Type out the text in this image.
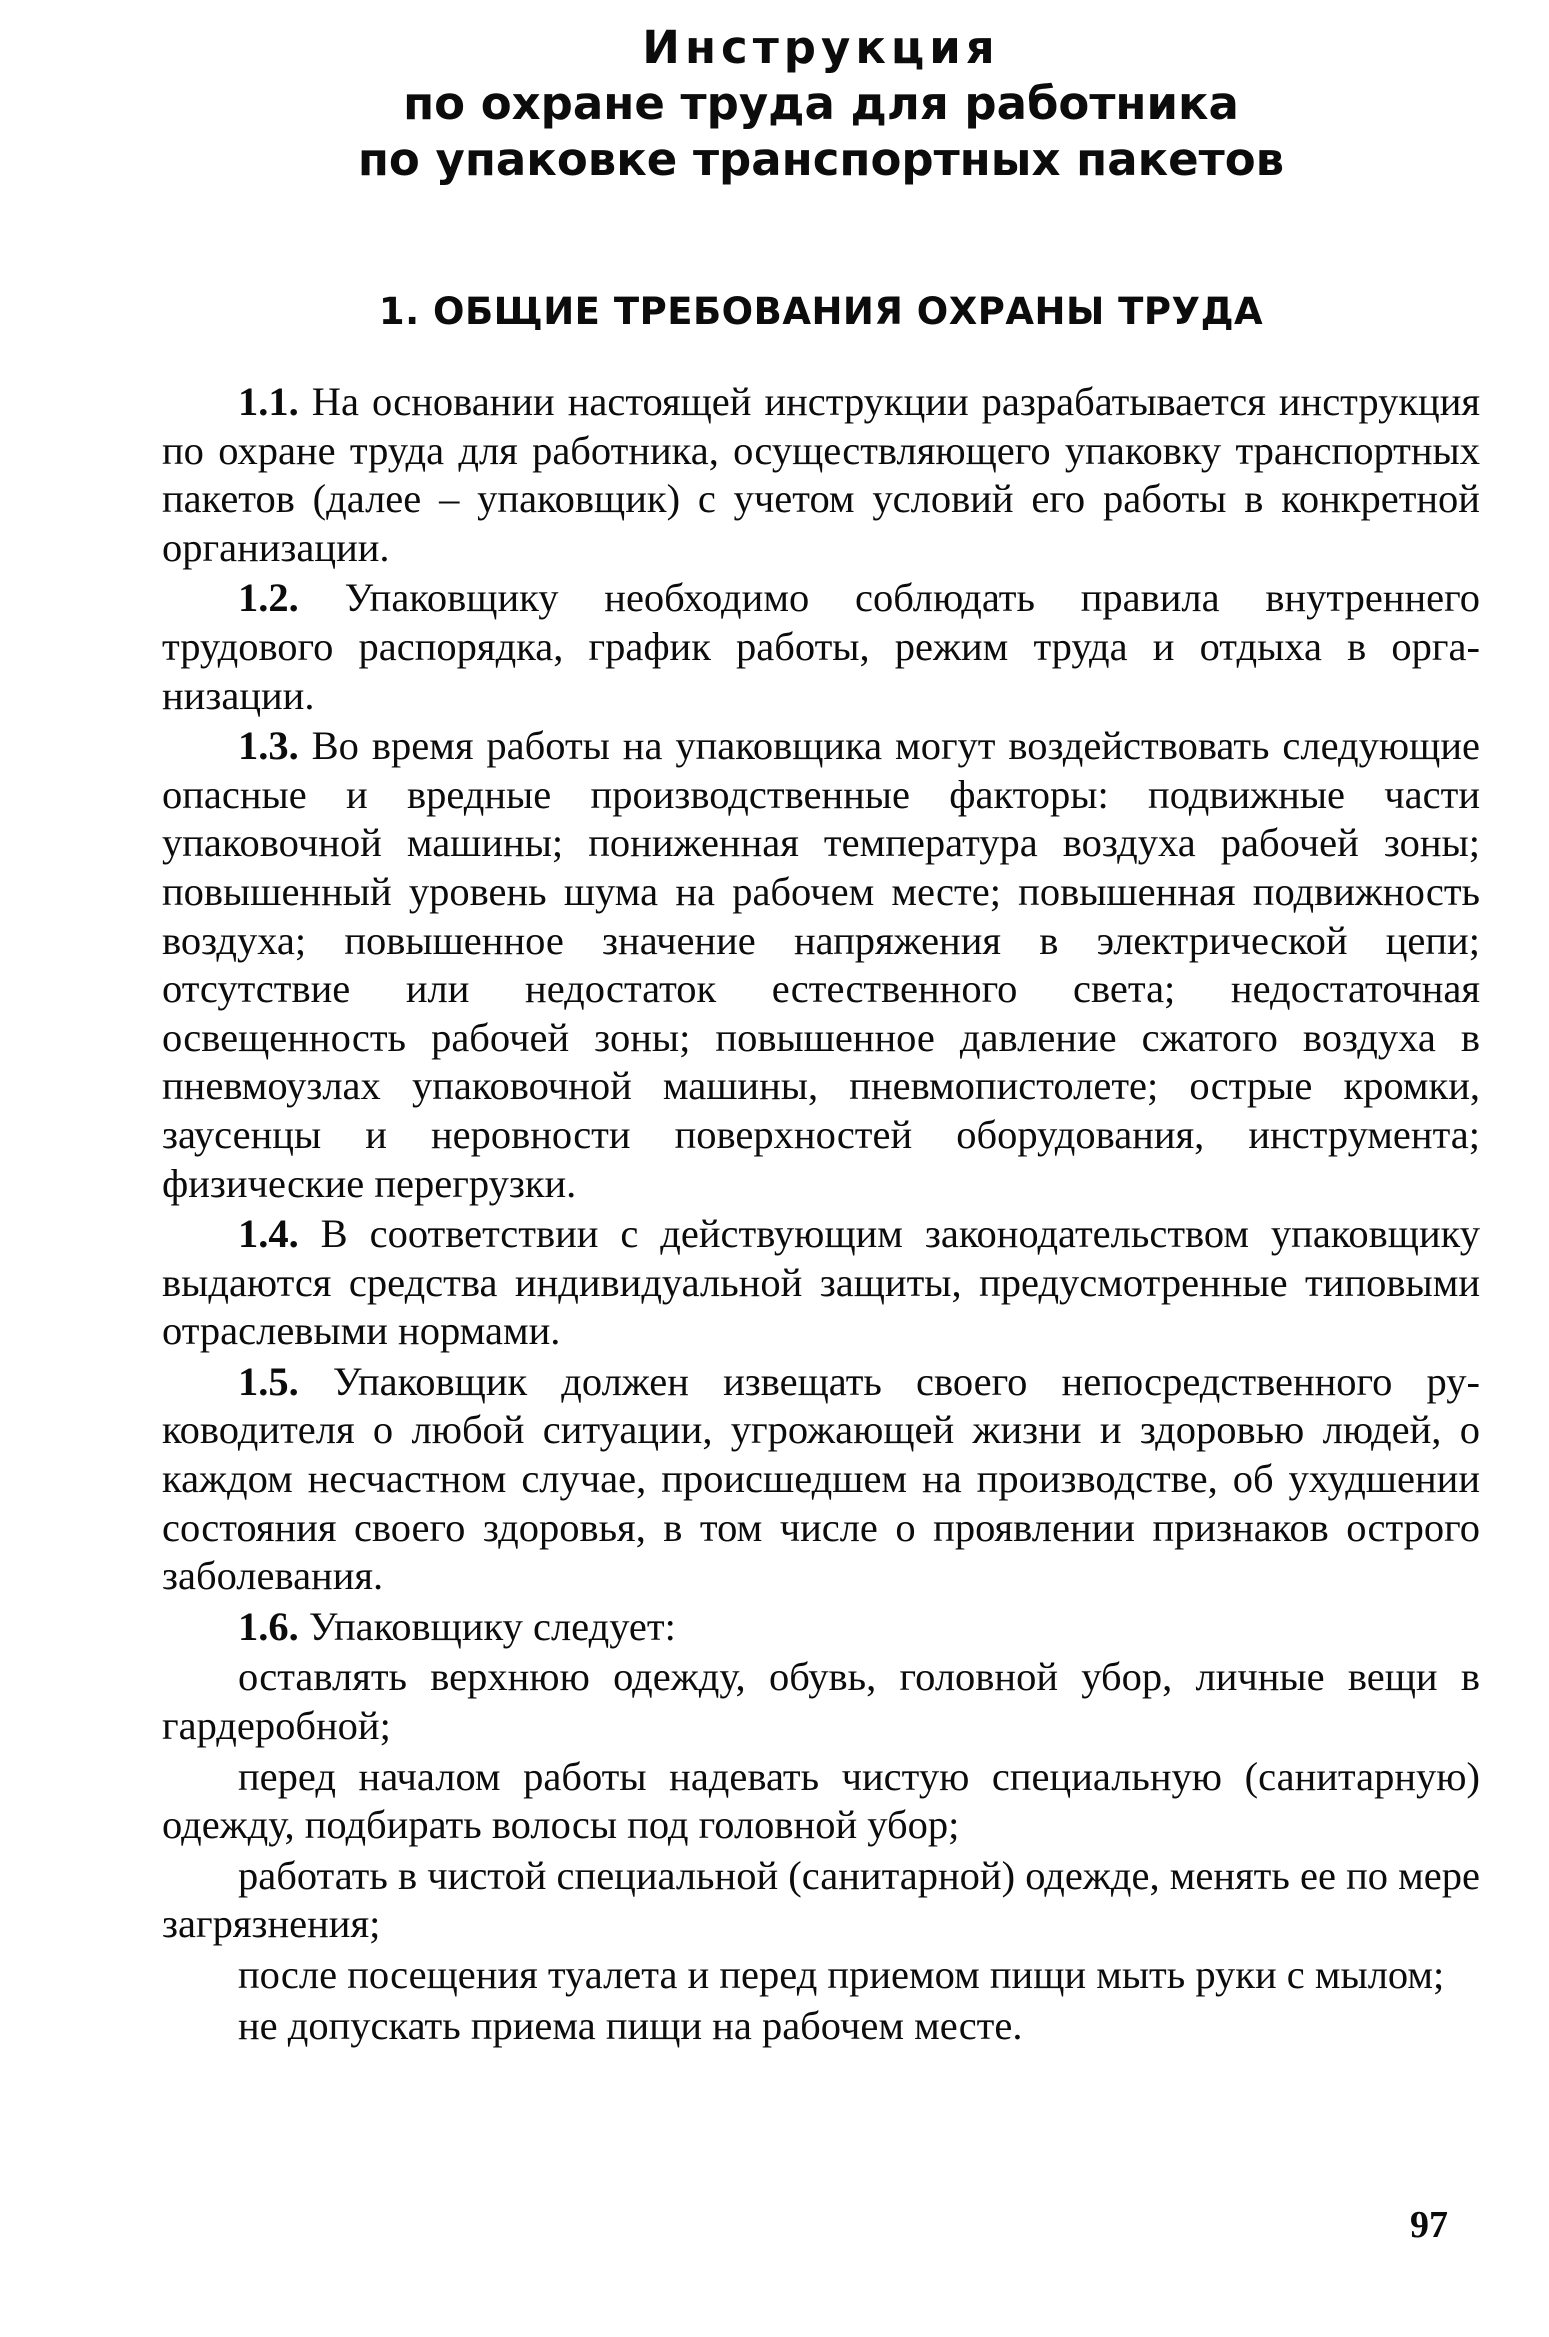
Инструкция
по охране труда для работника
по упаковке транспортных пакетов
1. ОБЩИЕ ТРЕБОВАНИЯ ОХРАНЫ ТРУДА

1.1. На основании настоящей инструкции разрабатывается инструкция по охране труда для работника, осуществляющего упаковку транспортных пакетов (далее – упаковщик) с учетом условий его работы в конкретной организации.

1.2. Упаковщику необходимо соблюдать правила внутреннего трудового распорядка, график работы, режим труда и отдыха в организации.

1.3. Во время работы на упаковщика могут воздействовать следующие опасные и вредные производственные факторы: подвижные части упаковочной машины; пониженная температура воздуха рабочей зоны; повышенный уровень шума на рабочем месте; повышенная подвижность воздуха; повышенное значение напряжения в электрической цепи; отсутствие или недостаток естественного света; недостаточная освещенность рабочей зоны; повышенное давление сжатого воздуха в пневмоузлах упаковочной машины, пневмопистолете; острые кромки, заусенцы и неровности поверхностей оборудования, инструмента; физические перегрузки.

1.4. В соответствии с действующим законодательством упаковщику выдаются средства индивидуальной защиты, предусмотренные типовыми отраслевыми нормами.

1.5. Упаковщик должен извещать своего непосредственного руководителя о любой ситуации, угрожающей жизни и здоровью людей, о каждом несчастном случае, происшедшем на производстве, об ухудшении состояния своего здоровья, в том числе о проявлении признаков острого заболевания.

1.6. Упаковщику следует:

оставлять верхнюю одежду, обувь, головной убор, личные вещи в гардеробной;

перед началом работы надевать чистую специальную (санитарную) одежду, подбирать волосы под головной убор;

работать в чистой специальной (санитарной) одежде, менять ее по мере загрязнения;

после посещения туалета и перед приемом пищи мыть руки с мылом;

не допускать приема пищи на рабочем месте.

97
